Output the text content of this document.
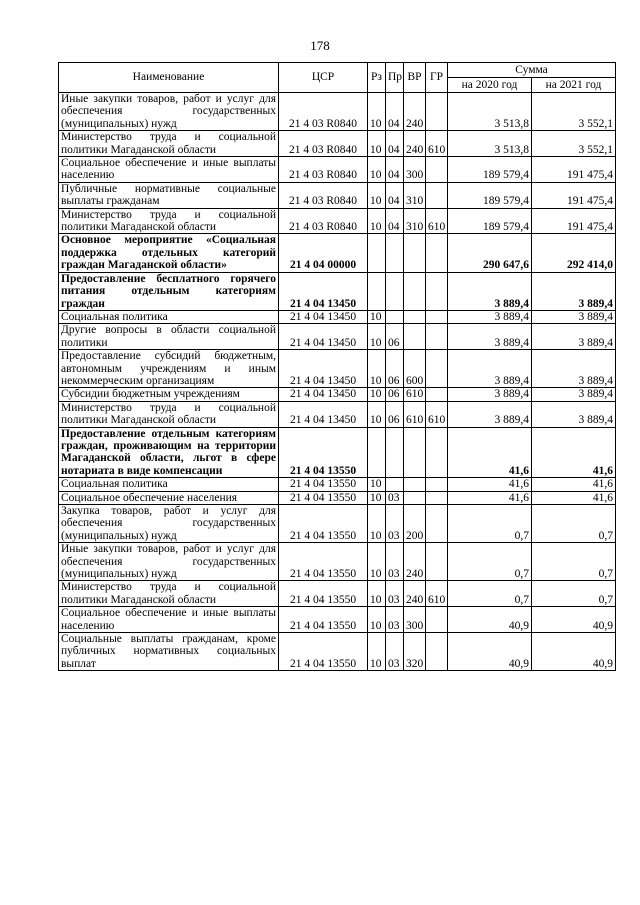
178
Наименование	ЦСР	Рз	Пр	ВР	ГР	Сумма	
						на 2020 год	на 2021 год
Иные закупки товаров, работ и услуг для обеспечения государственных (муниципальных) нужд	21 4 03 R0840	10	04	240		3 513,8	3 552,1
Министерство труда и социальной политики Магаданской области	21 4 03 R0840	10	04	240	610	3 513,8	3 552,1
Социальное обеспечение и иные выплаты населению	21 4 03 R0840	10	04	300		189 579,4	191 475,4
Публичные нормативные социальные выплаты гражданам	21 4 03 R0840	10	04	310		189 579,4	191 475,4
Министерство труда и социальной политики Магаданской области	21 4 03 R0840	10	04	310	610	189 579,4	191 475,4
Основное мероприятие «Социальная поддержка отдельных категорий граждан Магаданской области»	21 4 04 00000					290 647,6	292 414,0
Предоставление бесплатного горячего питания отдельным категориям граждан	21 4 04 13450					3 889,4	3 889,4
Социальная политика	21 4 04 13450	10				3 889,4	3 889,4
Другие вопросы в области социальной политики	21 4 04 13450	10	06			3 889,4	3 889,4
Предоставление субсидий бюджетным, автономным учреждениям и иным некоммерческим организациям	21 4 04 13450	10	06	600		3 889,4	3 889,4
Субсидии бюджетным учреждениям	21 4 04 13450	10	06	610		3 889,4	3 889,4
Министерство труда и социальной политики Магаданской области	21 4 04 13450	10	06	610	610	3 889,4	3 889,4
Предоставление отдельным категориям граждан, проживающим на территории Магаданской области, льгот в сфере нотариата в виде компенсации	21 4 04 13550					41,6	41,6
Социальная политика	21 4 04 13550	10				41,6	41,6
Социальное обеспечение населения	21 4 04 13550	10	03			41,6	41,6
Закупка товаров, работ и услуг для обеспечения государственных (муниципальных) нужд	21 4 04 13550	10	03	200		0,7	0,7
Иные закупки товаров, работ и услуг для обеспечения государственных (муниципальных) нужд	21 4 04 13550	10	03	240		0,7	0,7
Министерство труда и социальной политики Магаданской области	21 4 04 13550	10	03	240	610	0,7	0,7
Социальное обеспечение и иные выплаты населению	21 4 04 13550	10	03	300		40,9	40,9
Социальные выплаты гражданам, кроме публичных нормативных социальных выплат	21 4 04 13550	10	03	320		40,9	40,9
